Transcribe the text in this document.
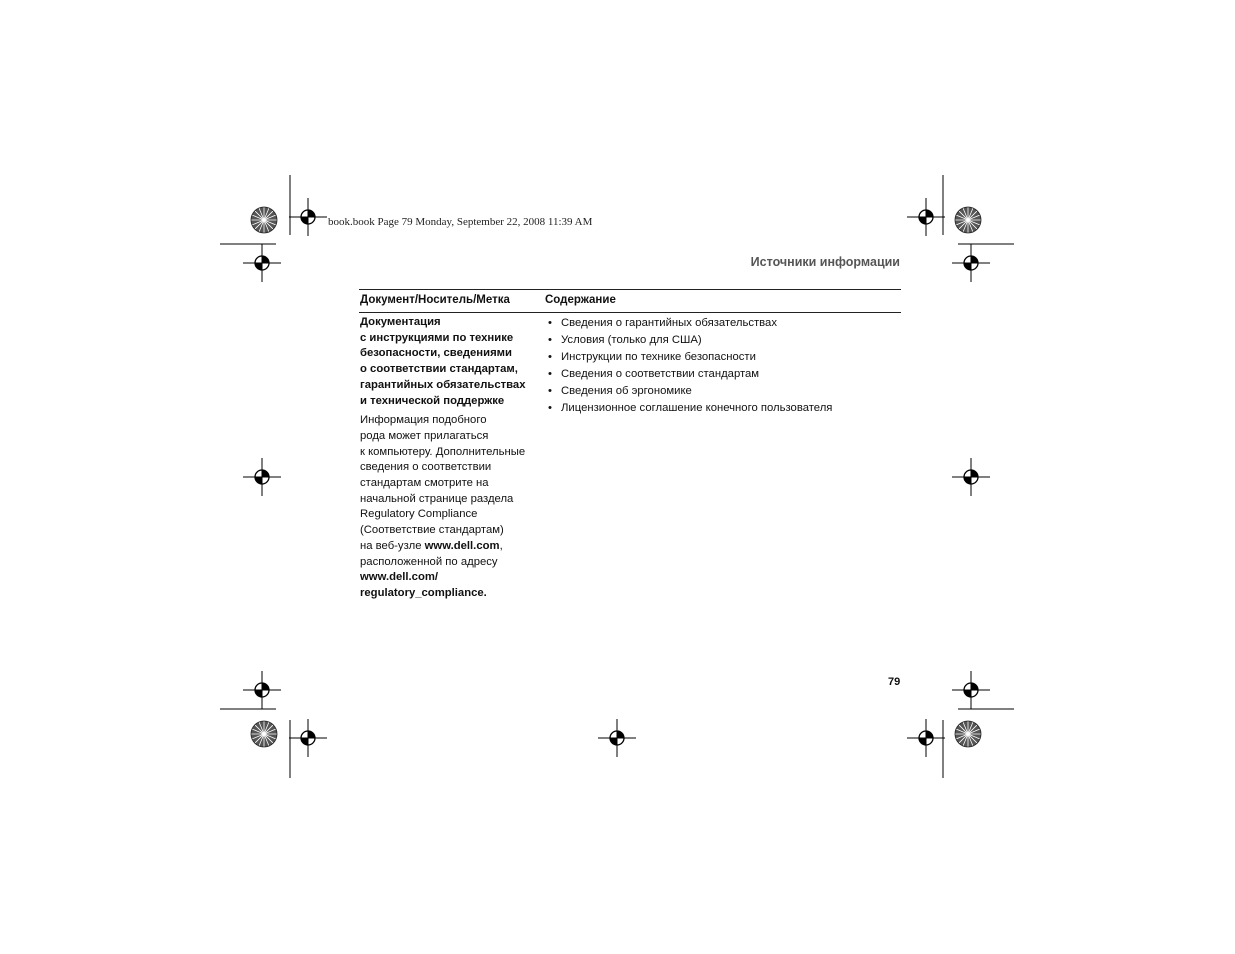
book.book Page 79 Monday, September 22, 2008 11:39 AM
Источники информации
Документ/Носитель/Метка	Содержание
Документация
с инструкциями по технике
безопасности, сведениями
о соответствии стандартам,
гарантийных обязательствах
и технической поддержке
Информация подобного
рода может прилагаться
к компьютеру. Дополнительные
сведения о соответствии
стандартам смотрите на
начальной странице раздела
Regulatory Compliance
(Соответствие стандартам)
на веб-узле www.dell.com,
расположенной по адресу
www.dell.com/
regulatory_compliance.
• Сведения о гарантийных обязательствах
• Условия (только для США)
• Инструкции по технике безопасности
• Сведения о соответствии стандартам
• Сведения об эргономике
• Лицензионное соглашение конечного пользователя
79
